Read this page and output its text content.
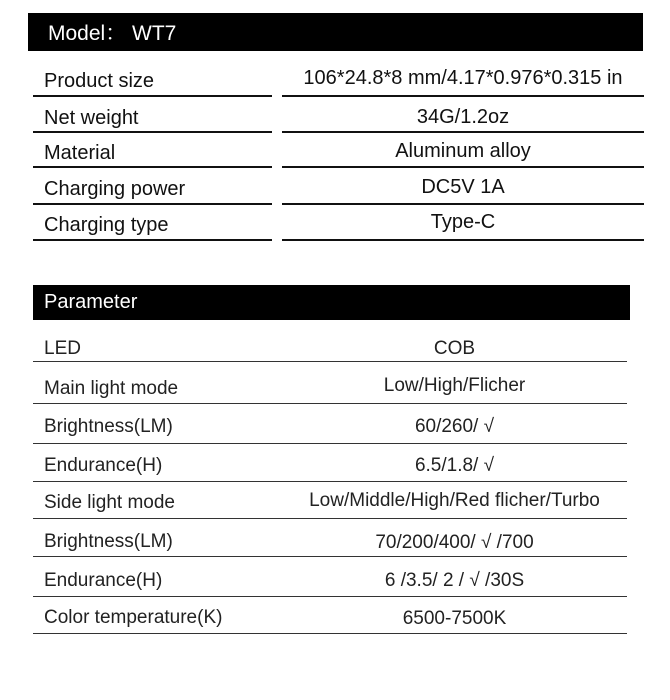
Model： WT7
Product size	106*24.8*8 mm/4.17*0.976*0.315 in
Net weight	34G/1.2oz
Material	Aluminum alloy
Charging power	DC5V 1A
Charging type	Type-C
Parameter
LED	COB
Main light mode	Low/High/Flicher
Brightness(LM)	60/260/ √
Endurance(H)	6.5/1.8/ √
Side light mode	Low/Middle/High/Red flicher/Turbo
Brightness(LM)	70/200/400/ √ /700
Endurance(H)	6 /3.5/ 2 / √ /30S
Color temperature(K)	6500-7500K
